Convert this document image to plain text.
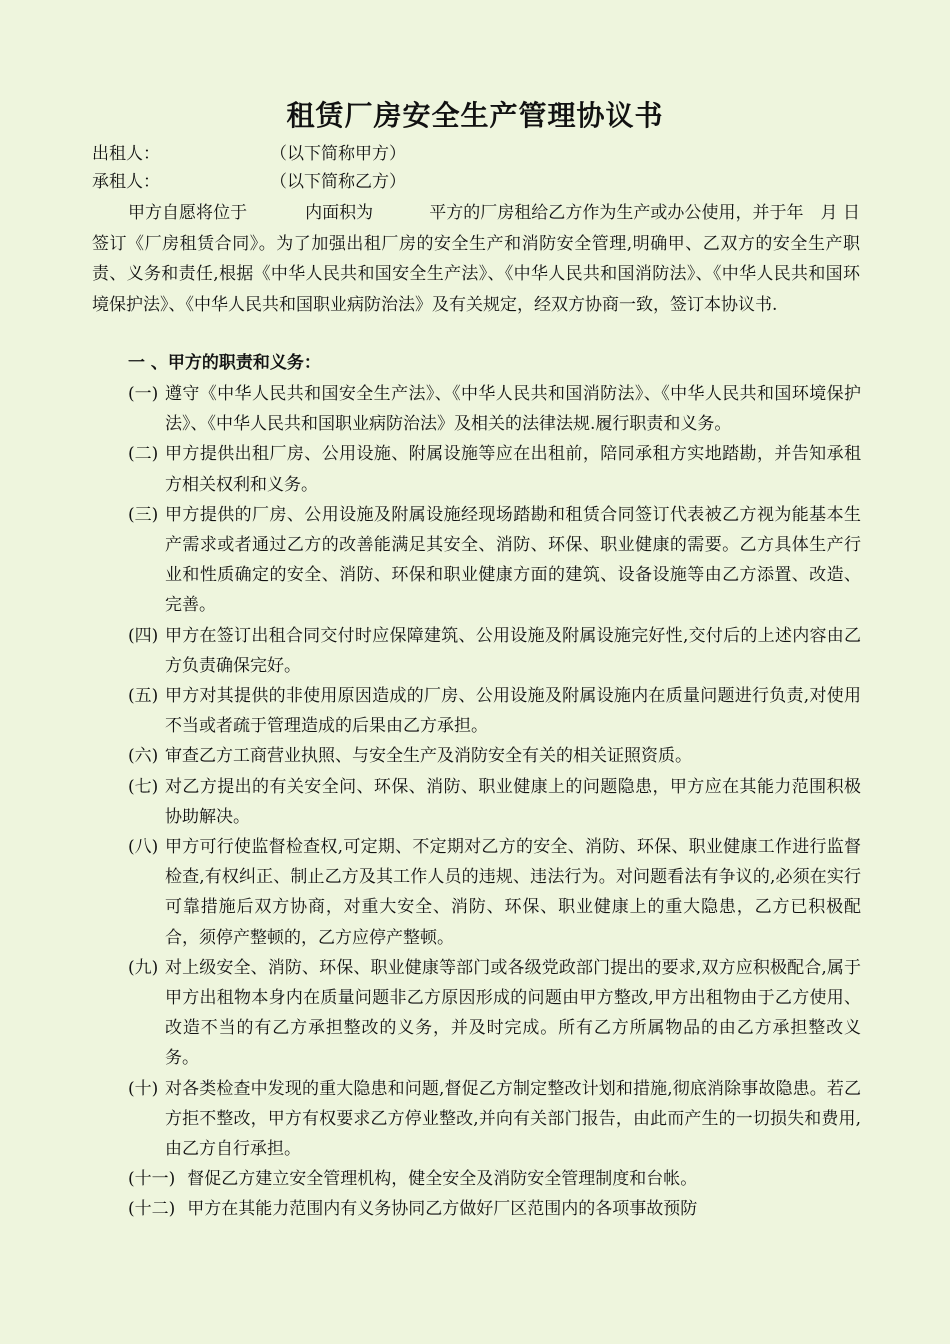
租赁厂房安全生产管理协议书
出租人：	（以下简称甲方）
承租人：	（以下简称乙方）
甲方自愿将位于	内面积为	平方的厂房租给乙方作为生产或办公使用，并于年　月 日签订《厂房租赁合同》。为了加强出租厂房的安全生产和消防安全管理,明确甲、乙双方的安全生产职责、义务和责任,根据《中华人民共和国安全生产法》、《中华人民共和国消防法》、《中华人民共和国环境保护法》、《中华人民共和国职业病防治法》及有关规定，经双方协商一致，签订本协议书.
一 、甲方的职责和义务：

(一) 遵守《中华人民共和国安全生产法》、《中华人民共和国消防法》、《中华人民共和国环境保护法》、《中华人民共和国职业病防治法》及相关的法律法规.履行职责和义务。

(二) 甲方提供出租厂房、公用设施、附属设施等应在出租前，陪同承租方实地踏勘，并告知承租方相关权利和义务。

(三) 甲方提供的厂房、公用设施及附属设施经现场踏勘和租赁合同签订代表被乙方视为能基本生产需求或者通过乙方的改善能满足其安全、消防、环保、职业健康的需要。乙方具体生产行业和性质确定的安全、消防、环保和职业健康方面的建筑、设备设施等由乙方添置、改造、完善。

(四) 甲方在签订出租合同交付时应保障建筑、公用设施及附属设施完好性,交付后的上述内容由乙方负责确保完好。

(五) 甲方对其提供的非使用原因造成的厂房、公用设施及附属设施内在质量问题进行负责,对使用不当或者疏于管理造成的后果由乙方承担。

(六) 审查乙方工商营业执照、与安全生产及消防安全有关的相关证照资质。

(七) 对乙方提出的有关安全问、环保、消防、职业健康上的问题隐患，甲方应在其能力范围积极协助解决。

(八) 甲方可行使监督检查权,可定期、不定期对乙方的安全、消防、环保、职业健康工作进行监督检查,有权纠正、制止乙方及其工作人员的违规、违法行为。对问题看法有争议的,必须在实行可靠措施后双方协商，对重大安全、消防、环保、职业健康上的重大隐患，乙方已积极配合，须停产整顿的，乙方应停产整顿。

(九) 对上级安全、消防、环保、职业健康等部门或各级党政部门提出的要求,双方应积极配合,属于甲方出租物本身内在质量问题非乙方原因形成的问题由甲方整改,甲方出租物由于乙方使用、改造不当的有乙方承担整改的义务，并及时完成。所有乙方所属物品的由乙方承担整改义务。

(十) 对各类检查中发现的重大隐患和问题,督促乙方制定整改计划和措施,彻底消除事故隐患。若乙方拒不整改，甲方有权要求乙方停业整改,并向有关部门报告，由此而产生的一切损失和费用,由乙方自行承担。

(十一) 督促乙方建立安全管理机构，健全安全及消防安全管理制度和台帐。

(十二) 甲方在其能力范围内有义务协同乙方做好厂区范围内的各项事故预防
